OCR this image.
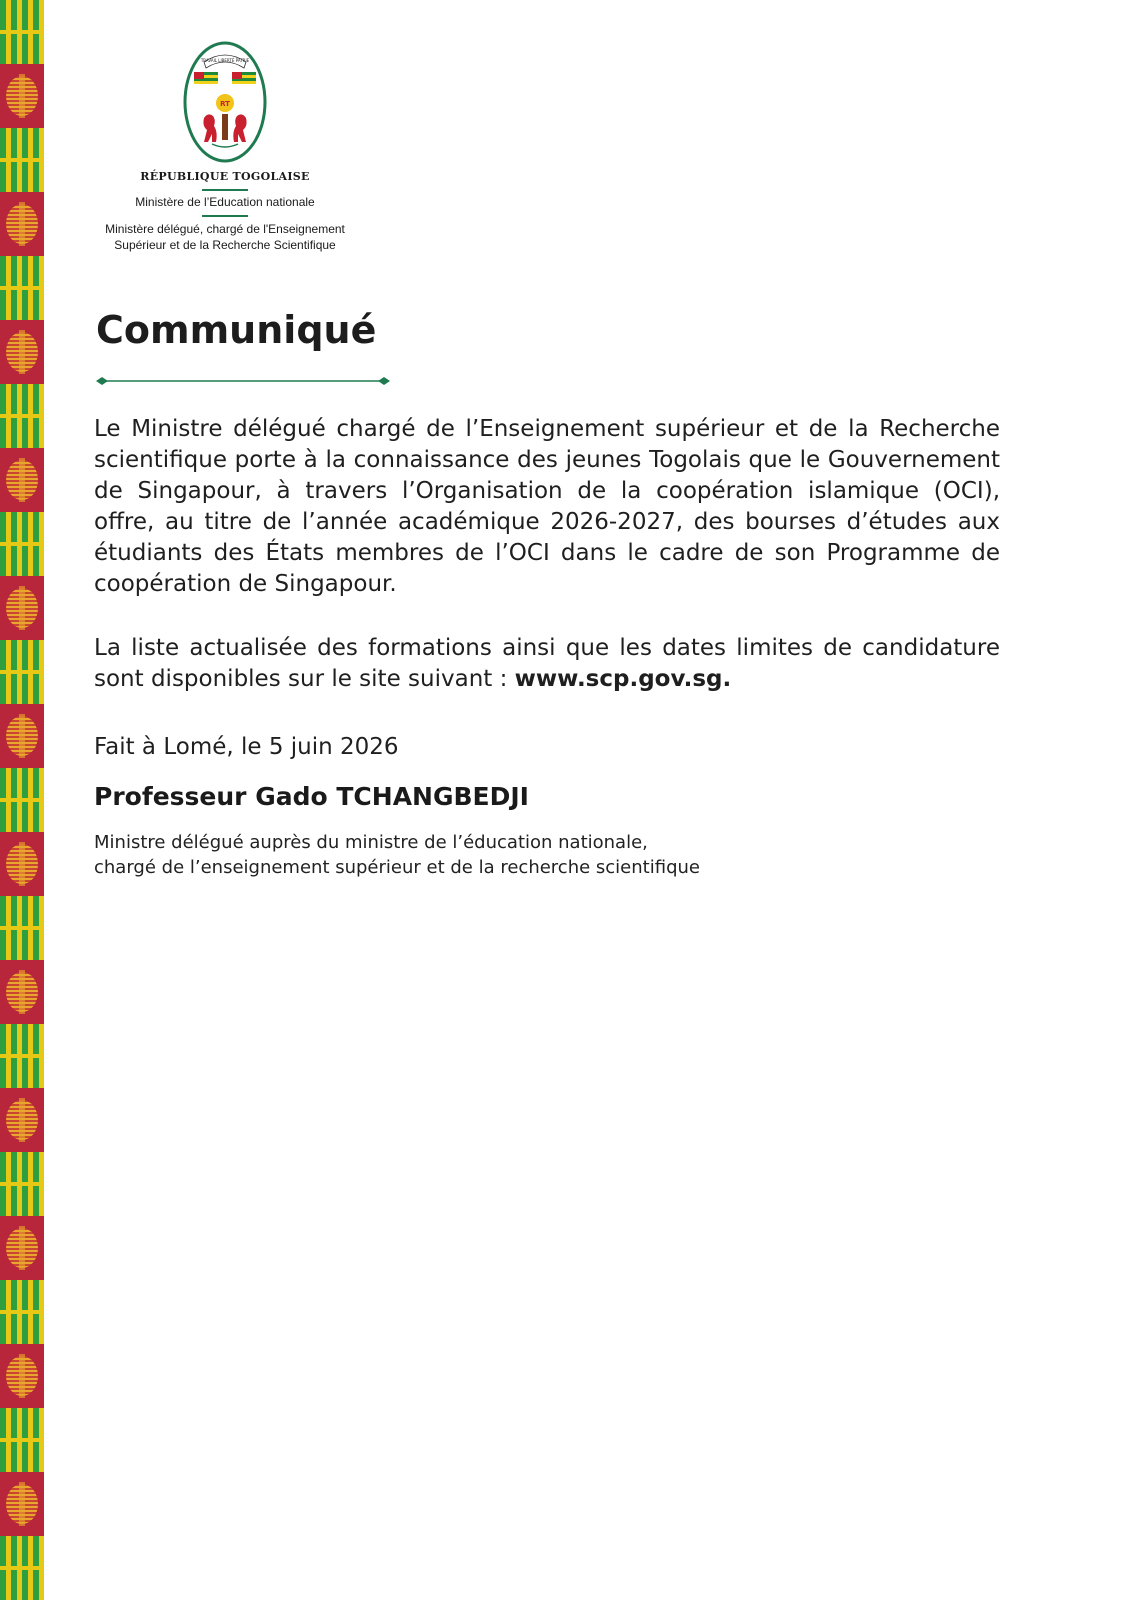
TRAVAIL LIBERTÉ PATRIE
RT
RÉPUBLIQUE TOGOLAISE
Ministère de l’Education nationale
Ministère délégué, chargé de l'Enseignement
Supérieur et de la Recherche Scientifique
Communiqué

Le Ministre délégué chargé de l’Enseignement supérieur et de la Recherche scientifique porte à la connaissance des jeunes Togolais que le Gouvernement de Singapour, à travers l’Organisation de la coopération islamique (OCI), offre, au titre de l’année académique 2026-2027, des bourses d’études aux étudiants des États membres de l’OCI dans le cadre de son Programme de coopération de Singapour.

La liste actualisée des formations ainsi que les dates limites de candidature sont disponibles sur le site suivant : www.scp.gov.sg.

Fait à Lomé, le 5 juin 2026

Professeur Gado TCHANGBEDJI

Ministre délégué auprès du ministre de l’éducation nationale,
chargé de l’enseignement supérieur et de la recherche scientifique
